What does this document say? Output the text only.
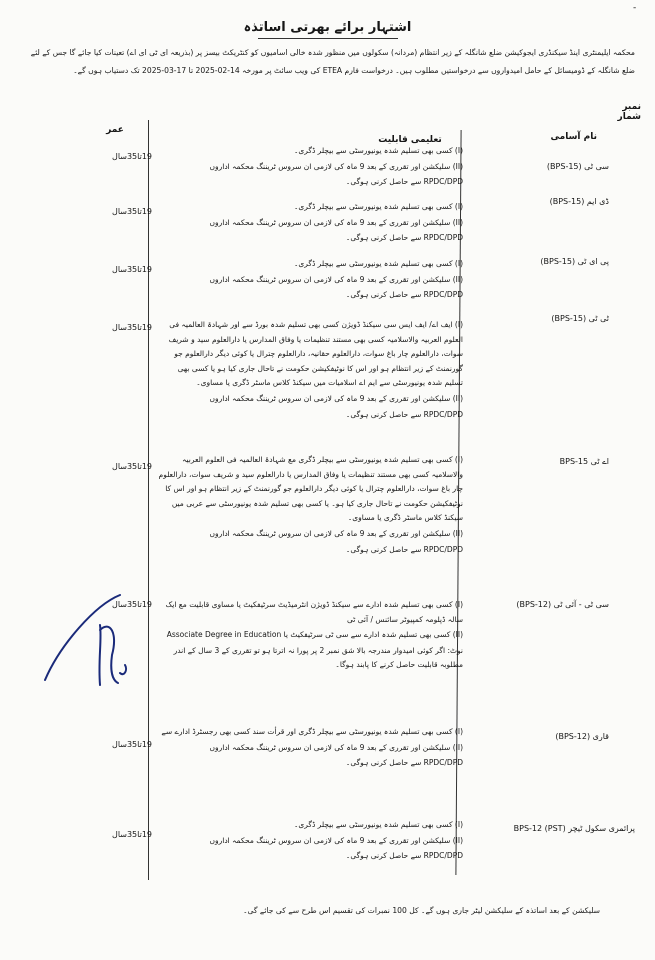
-
اشتہار برائے بھرتی اساتذہ
محکمہ ایلیمنٹری اینڈ سیکنڈری ایجوکیشن ضلع شانگلہ کے زیر انتظام (مردانہ) سکولوں میں منظور شدہ خالی اسامیوں کو کنٹریکٹ بیسز پر (بذریعہ ای ٹی ای اے) تعینات کیا جائے گا جس کے لئے ضلع شانگلہ کے ڈومیسائل کے حامل امیدواروں سے درخواستیں مطلوب ہیں۔ درخواست فارم ETEA کی ویب سائٹ پر مورخہ 14-02-2025 تا 17-03-2025 تک دستیاب ہوں گے۔
نمبر شمار
نام آسامی
تعلیمی قابلیت
عمر
سی ٹی (BPS-15)
19تا35سال

(I) کسی بھی تسلیم شدہ یونیورسٹی سے بیچلر ڈگری۔

(II) سلیکشن اور تقرری کے بعد 9 ماہ کی لازمی ان سروس ٹریننگ محکمہ اداروں

RPDC/DPD سے حاصل کرنی ہوگی۔

ڈی ایم (BPS-15)
19تا35سال

(I) کسی بھی تسلیم شدہ یونیورسٹی سے بیچلر ڈگری۔

(II) سلیکشن اور تقرری کے بعد 9 ماہ کی لازمی ان سروس ٹریننگ محکمہ اداروں

RPDC/DPD سے حاصل کرنی ہوگی۔

پی ای ٹی (BPS-15)
19تا35سال

(I) کسی بھی تسلیم شدہ یونیورسٹی سے بیچلر ڈگری۔

(II) سلیکشن اور تقرری کے بعد 9 ماہ کی لازمی ان سروس ٹریننگ محکمہ اداروں

RPDC/DPD سے حاصل کرنی ہوگی۔

ٹی ٹی (BPS-15)
19تا35سال	(I) ایف اے/ ایف ایس سی سیکنڈ ڈویژن کسی بھی تسلیم شدہ بورڈ سے اور شہادۃ العالمیہ فی العلوم العربیہ والاسلامیہ کسی بھی مستند تنظیمات یا وفاق المدارس یا دارالعلوم سید و شریف سوات، دارالعلوم چار باغ سوات، دارالعلوم حقانیہ، دارالعلوم چترال یا کوئی دیگر دارالعلوم جو گورنمنٹ کے زیر انتظام ہو اور اس کا نوٹیفکیشن حکومت نے تاحال جاری کیا ہو یا کسی بھی تسلیم شدہ یونیورسٹی سے ایم اے اسلامیات میں سیکنڈ کلاس ماسٹر ڈگری یا مساوی۔

(II) سلیکشن اور تقرری کے بعد 9 ماہ کی لازمی ان سروس ٹریننگ محکمہ اداروں

RPDC/DPD سے حاصل کرنی ہوگی۔

اے ٹی BPS-15
19تا35سال

(I) کسی بھی تسلیم شدہ یونیورسٹی سے بیچلر ڈگری مع شہادۃ العالمیہ فی العلوم العربیہ والاسلامیہ کسی بھی مستند تنظیمات یا وفاق المدارس یا دارالعلوم سید و شریف سوات، دارالعلوم چار باغ سوات، دارالعلوم چترال یا کوئی دیگر دارالعلوم جو گورنمنٹ کے زیر انتظام ہو اور اس کا نوٹیفکیشن حکومت نے تاحال جاری کیا ہو۔ یا کسی بھی تسلیم شدہ یونیورسٹی سے عربی میں سیکنڈ کلاس ماسٹر ڈگری یا مساوی۔

(II) سلیکشن اور تقرری کے بعد 9 ماہ کی لازمی ان سروس ٹریننگ محکمہ اداروں

RPDC/DPD سے حاصل کرنی ہوگی۔

سی ٹی - آئی ٹی (BPS-12)
19تا35سال	(I) کسی بھی تسلیم شدہ ادارے سے سیکنڈ ڈویژن انٹرمیڈیٹ سرٹیفکیٹ یا مساوی قابلیت مع ایک سالہ ڈپلومہ کمپیوٹر سائنس / آئی ٹی

(II) کسی بھی تسلیم شدہ ادارے سے سی ٹی سرٹیفکیٹ یا Associate Degree in Education

نوٹ: اگر کوئی امیدوار مندرجہ بالا شق نمبر 2 پر پورا نہ اترتا ہو تو تقرری کے 3 سال کے اندر مطلوبہ قابلیت حاصل کرنے کا پابند ہوگا۔

قاری (BPS-12)
19تا35سال

(I) کسی بھی تسلیم شدہ یونیورسٹی سے بیچلر ڈگری اور قرأت سند کسی بھی رجسٹرڈ ادارے سے

(II) سلیکشن اور تقرری کے بعد 9 ماہ کی لازمی ان سروس ٹریننگ محکمہ اداروں

RPDC/DPD سے حاصل کرنی ہوگی۔

پرائمری سکول ٹیچر BPS-12 (PST)
19تا35سال

(I) کسی بھی تسلیم شدہ یونیورسٹی سے بیچلر ڈگری۔

(II) سلیکشن اور تقرری کے بعد 9 ماہ کی لازمی ان سروس ٹریننگ محکمہ اداروں

RPDC/DPD سے حاصل کرنی ہوگی۔

سلیکشن کے بعد اساتذہ کے سلیکشن لیٹر جاری ہوں گے۔ کل 100 نمبرات کی تقسیم اس طرح سے کی جائے گی۔
